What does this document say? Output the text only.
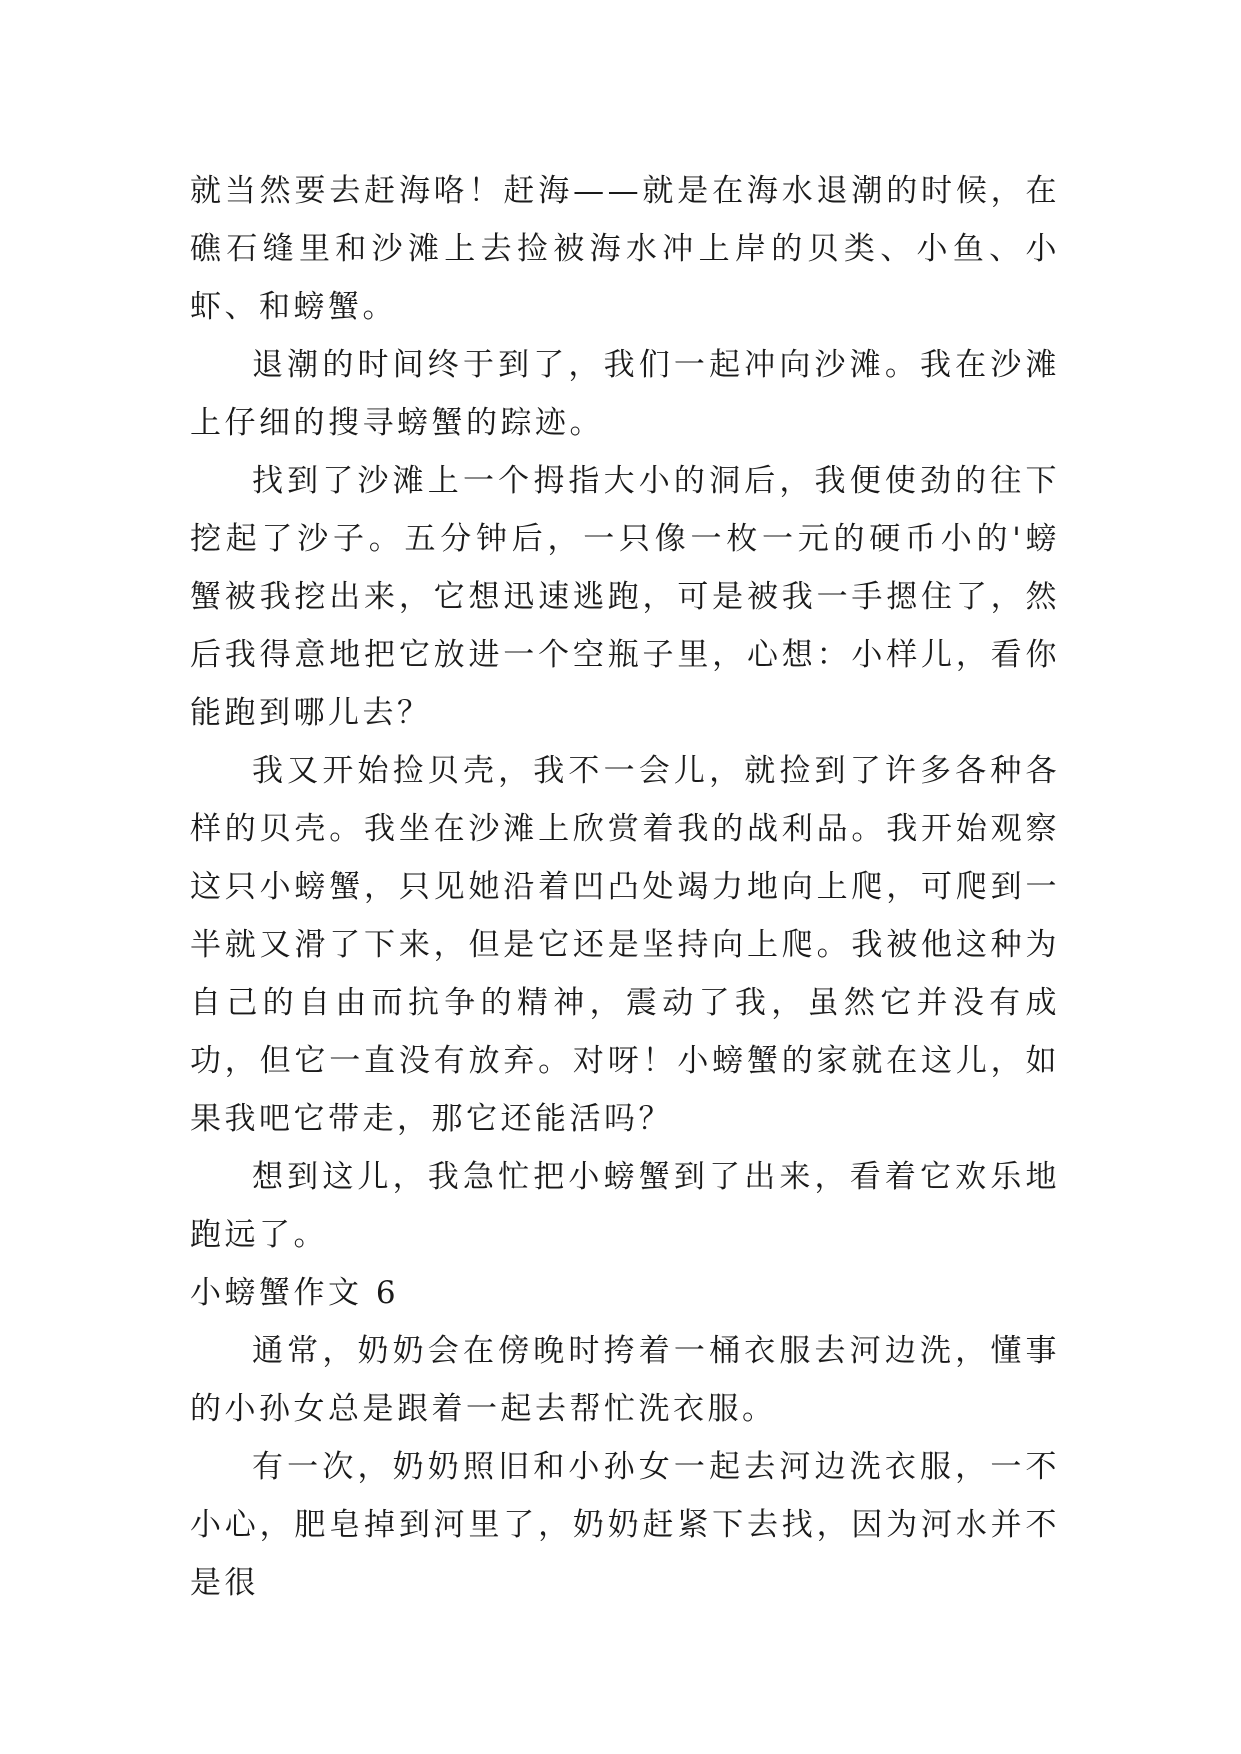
就当然要去赶海咯！赶海——就是在海水退潮的时候，在礁石缝里和沙滩上去捡被海水冲上岸的贝类、小鱼、小虾、和螃蟹。

退潮的时间终于到了，我们一起冲向沙滩。我在沙滩上仔细的搜寻螃蟹的踪迹。

找到了沙滩上一个拇指大小的洞后，我便使劲的往下挖起了沙子。五分钟后，一只像一枚一元的硬币小的'螃蟹被我挖出来，它想迅速逃跑，可是被我一手摁住了，然后我得意地把它放进一个空瓶子里，心想：小样儿，看你能跑到哪儿去？

我又开始捡贝壳，我不一会儿，就捡到了许多各种各样的贝壳。我坐在沙滩上欣赏着我的战利品。我开始观察这只小螃蟹，只见她沿着凹凸处竭力地向上爬，可爬到一半就又滑了下来，但是它还是坚持向上爬。我被他这种为自己的自由而抗争的精神，震动了我，虽然它并没有成功，但它一直没有放弃。对呀！小螃蟹的家就在这儿，如果我吧它带走，那它还能活吗？

想到这儿，我急忙把小螃蟹到了出来，看着它欢乐地跑远了。

小螃蟹作文 6

通常，奶奶会在傍晚时挎着一桶衣服去河边洗，懂事的小孙女总是跟着一起去帮忙洗衣服。

有一次，奶奶照旧和小孙女一起去河边洗衣服，一不小心，肥皂掉到河里了，奶奶赶紧下去找，因为河水并不是很
